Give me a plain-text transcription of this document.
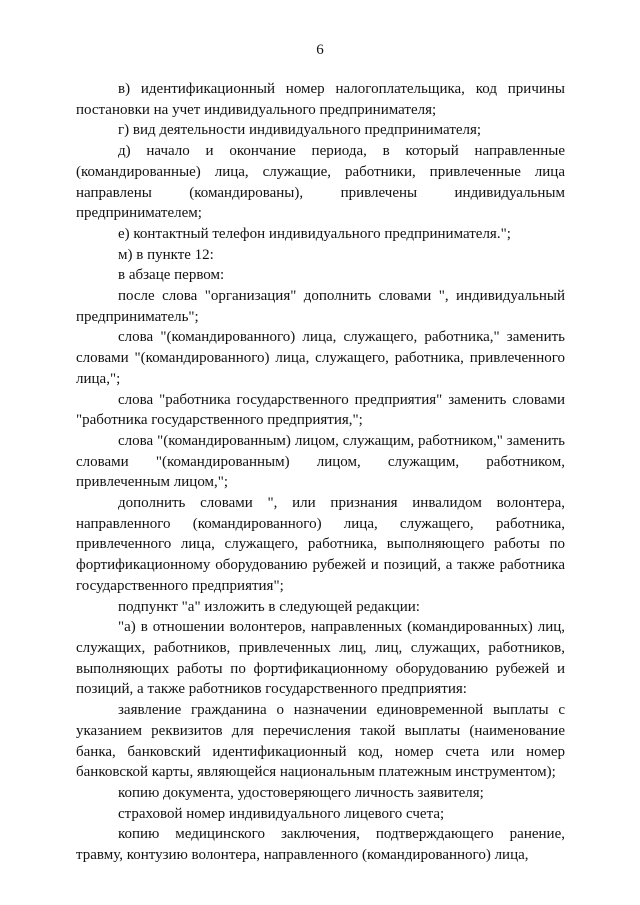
6

в) идентификационный номер налогоплательщика, код причины постановки на учет индивидуального предпринимателя;

г) вид деятельности индивидуального предпринимателя;

д) начало и окончание периода, в который направленные (командированные) лица, служащие, работники, привлеченные лица направлены (командированы), привлечены индивидуальным предпринимателем;

е) контактный телефон индивидуального предпринимателя.";

м) в пункте 12:

в абзаце первом:

после слова "организация" дополнить словами ", индивидуальный предприниматель";

слова "(командированного) лица, служащего, работника," заменить словами "(командированного) лица, служащего, работника, привлеченного лица,";

слова "работника государственного предприятия" заменить словами "работника государственного предприятия,";

слова "(командированным) лицом, служащим, работником," заменить словами "(командированным) лицом, служащим, работником, привлеченным лицом,";

дополнить словами ", или признания инвалидом волонтера, направленного (командированного) лица, служащего, работника, привлеченного лица, служащего, работника, выполняющего работы по фортификационному оборудованию рубежей и позиций, а также работника государственного предприятия";

подпункт "а" изложить в следующей редакции:

"а) в отношении волонтеров, направленных (командированных) лиц, служащих, работников, привлеченных лиц, лиц, служащих, работников, выполняющих работы по фортификационному оборудованию рубежей и позиций, а также работников государственного предприятия:

заявление гражданина о назначении единовременной выплаты с указанием реквизитов для перечисления такой выплаты (наименование банка, банковский идентификационный код, номер счета или номер банковской карты, являющейся национальным платежным инструментом);

копию документа, удостоверяющего личность заявителя;

страховой номер индивидуального лицевого счета;

копию медицинского заключения, подтверждающего ранение, травму, контузию волонтера, направленного (командированного) лица,
